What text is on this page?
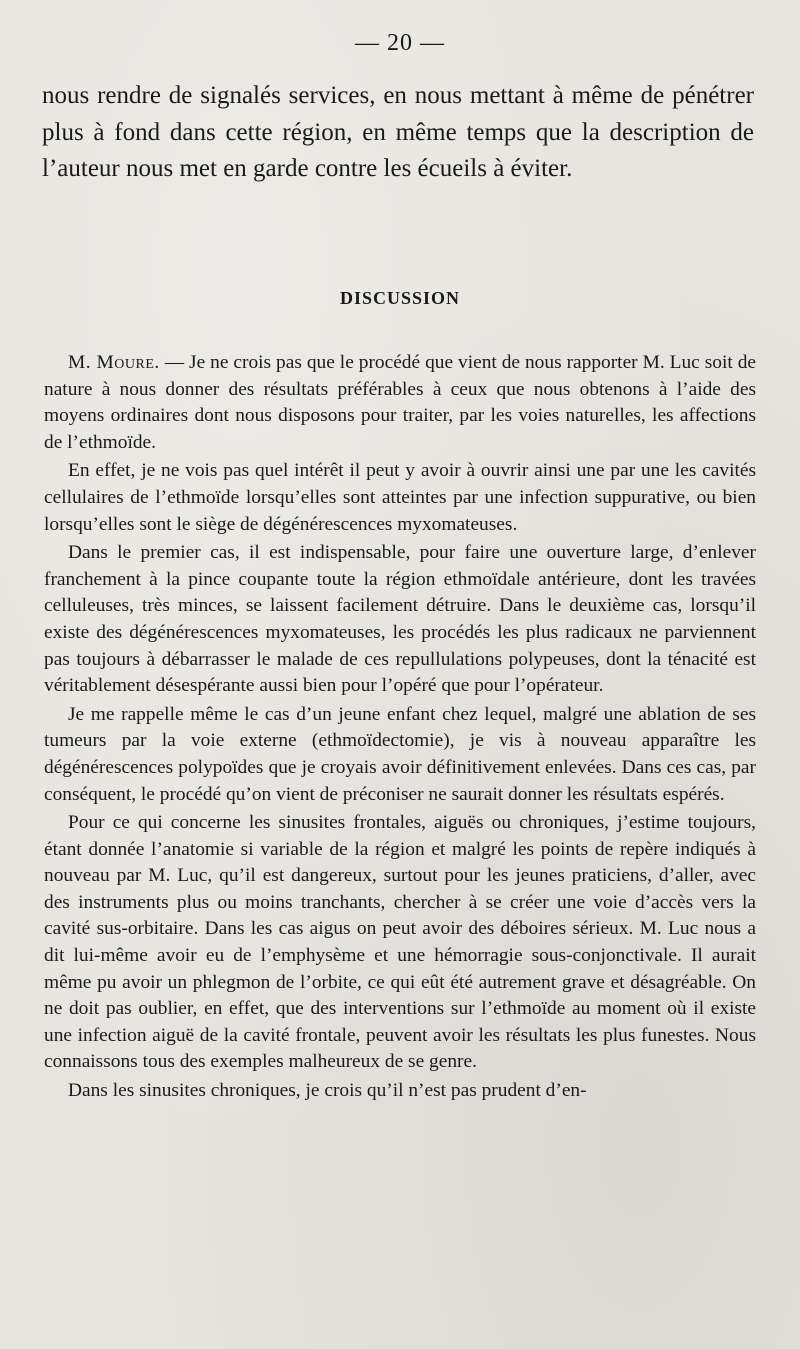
— 20 —

nous rendre de signalés services, en nous mettant à même de pénétrer plus à fond dans cette région, en même temps que la description de l’auteur nous met en garde contre les écueils à éviter.

DISCUSSION

M. Moure. — Je ne crois pas que le procédé que vient de nous rapporter M. Luc soit de nature à nous donner des résultats préférables à ceux que nous obtenons à l’aide des moyens ordinaires dont nous disposons pour traiter, par les voies naturelles, les affections de l’ethmoïde.

En effet, je ne vois pas quel intérêt il peut y avoir à ouvrir ainsi une par une les cavités cellulaires de l’ethmoïde lorsqu’elles sont atteintes par une infection suppurative, ou bien lorsqu’elles sont le siège de dégénérescences myxomateuses.

Dans le premier cas, il est indispensable, pour faire une ouverture large, d’enlever franchement à la pince coupante toute la région ethmoïdale antérieure, dont les travées celluleuses, très minces, se laissent facilement détruire. Dans le deuxième cas, lorsqu’il existe des dégénérescences myxomateuses, les procédés les plus radicaux ne parviennent pas toujours à débarrasser le malade de ces repullulations polypeuses, dont la ténacité est véritablement désespérante aussi bien pour l’opéré que pour l’opérateur.

Je me rappelle même le cas d’un jeune enfant chez lequel, malgré une ablation de ses tumeurs par la voie externe (ethmoïdectomie), je vis à nouveau apparaître les dégénérescences polypoïdes que je croyais avoir définitivement enlevées. Dans ces cas, par conséquent, le procédé qu’on vient de préconiser ne saurait donner les résultats espérés.

Pour ce qui concerne les sinusites frontales, aiguës ou chroniques, j’estime toujours, étant donnée l’anatomie si variable de la région et malgré les points de repère indiqués à nouveau par M. Luc, qu’il est dangereux, surtout pour les jeunes praticiens, d’aller, avec des instruments plus ou moins tranchants, chercher à se créer une voie d’accès vers la cavité sus-orbitaire. Dans les cas aigus on peut avoir des déboires sérieux. M. Luc nous a dit lui-même avoir eu de l’emphysème et une hémorragie sous-conjonctivale. Il aurait même pu avoir un phlegmon de l’orbite, ce qui eût été autrement grave et désagréable. On ne doit pas oublier, en effet, que des interventions sur l’ethmoïde au moment où il existe une infection aiguë de la cavité frontale, peuvent avoir les résultats les plus funestes. Nous connaissons tous des exemples malheureux de se genre.

Dans les sinusites chroniques, je crois qu’il n’est pas prudent d’en-
